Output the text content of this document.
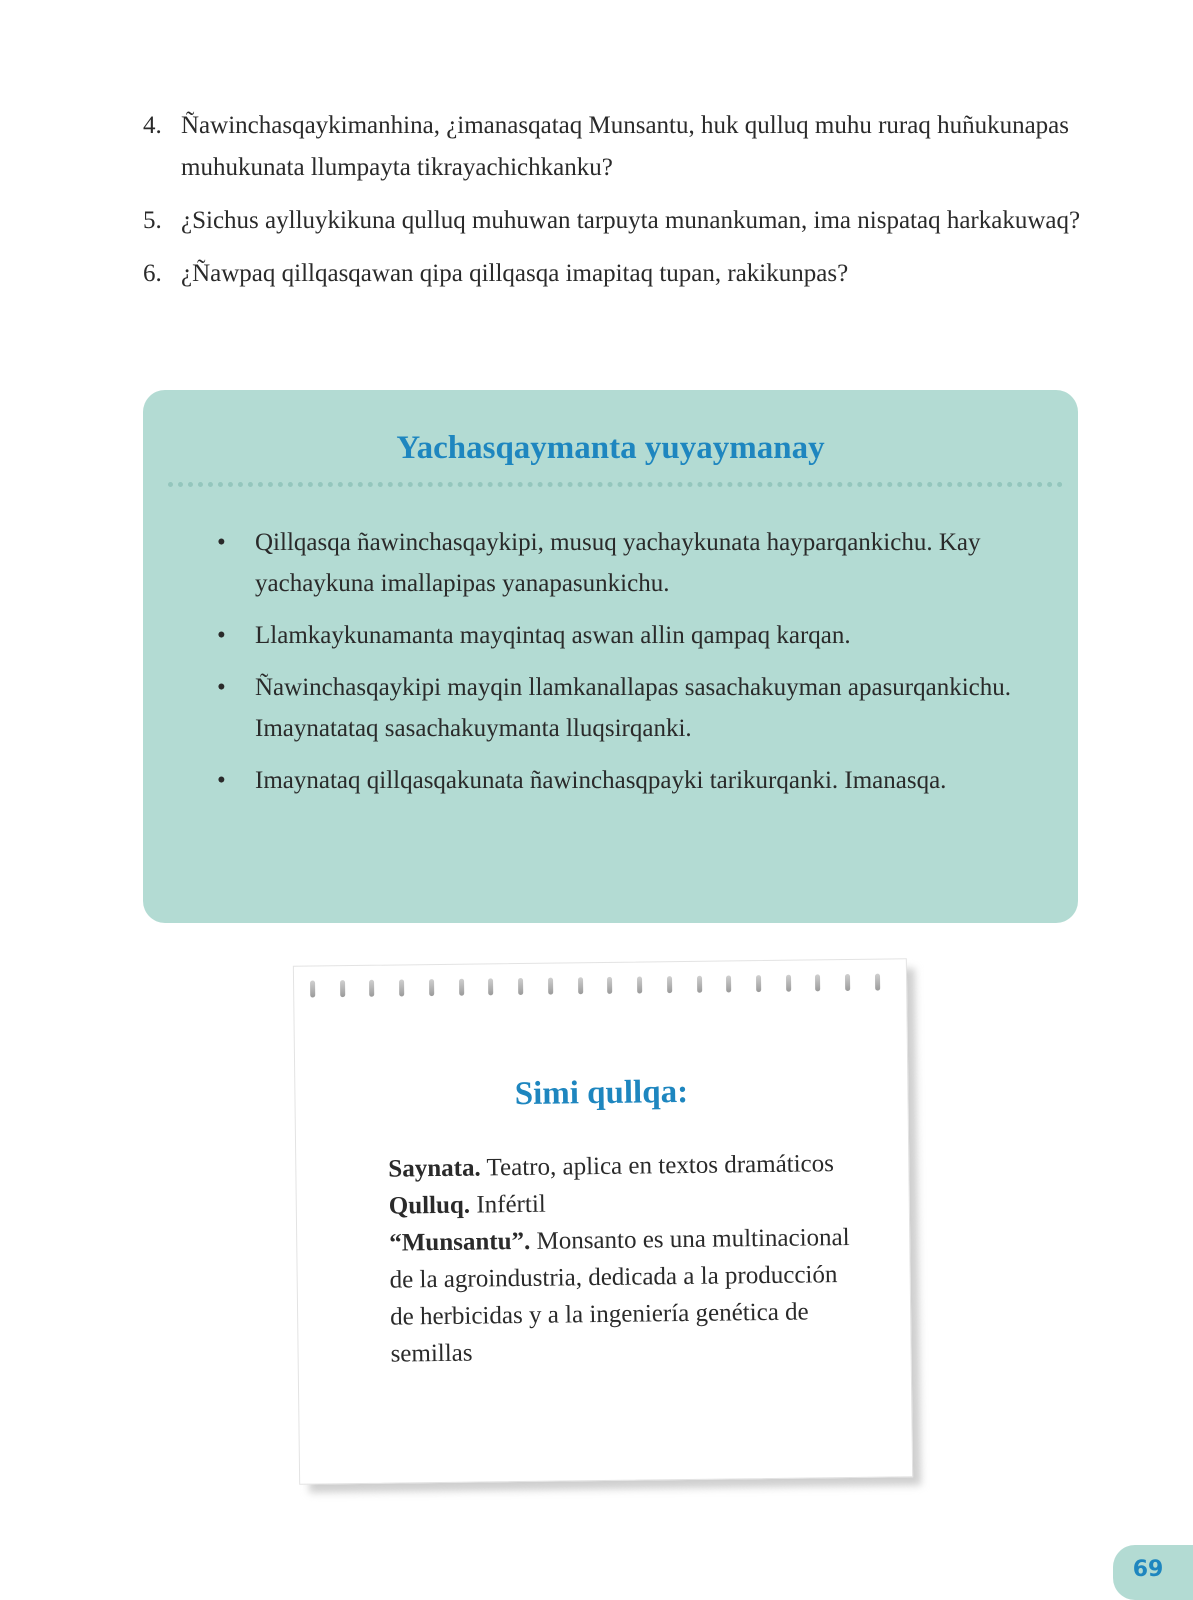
4. Ñawinchasqaykimanhina, ¿imanasqataq Munsantu, huk qulluq muhu ruraq huñukunapas muhukunata llumpayta tikrayachichkanku?
5. ¿Sichus aylluykikuna qulluq muhuwan tarpuyta munankuman, ima nispataq harkakuwaq?
6. ¿Ñawpaq qillqasqawan qipa qillqasqa imapitaq tupan, rakikunpas?
Yachasqaymanta yuyaymanay
• Qillqasqa ñawinchasqaykipi, musuq yachaykunata hayparqankichu. Kay yachaykuna imallapipas yanapasunkichu.
• Llamkaykunamanta mayqintaq aswan allin qampaq karqan.
• Ñawinchasqaykipi mayqin llamkanallapas sasachakuyman apasurqankichu. Imaynatataq sasachakuymanta lluqsirqanki.
• Imaynataq qillqasqakunata ñawinchasqpayki tarikurqanki. Imanasqa.
Simi qullqa:
Saynata. Teatro, aplica en textos dramáticos
Qulluq. Infértil
“Munsantu”. Monsanto es una multinacional de la agroindustria, dedicada a la producción de herbicidas y a la ingeniería genética de semillas
69
